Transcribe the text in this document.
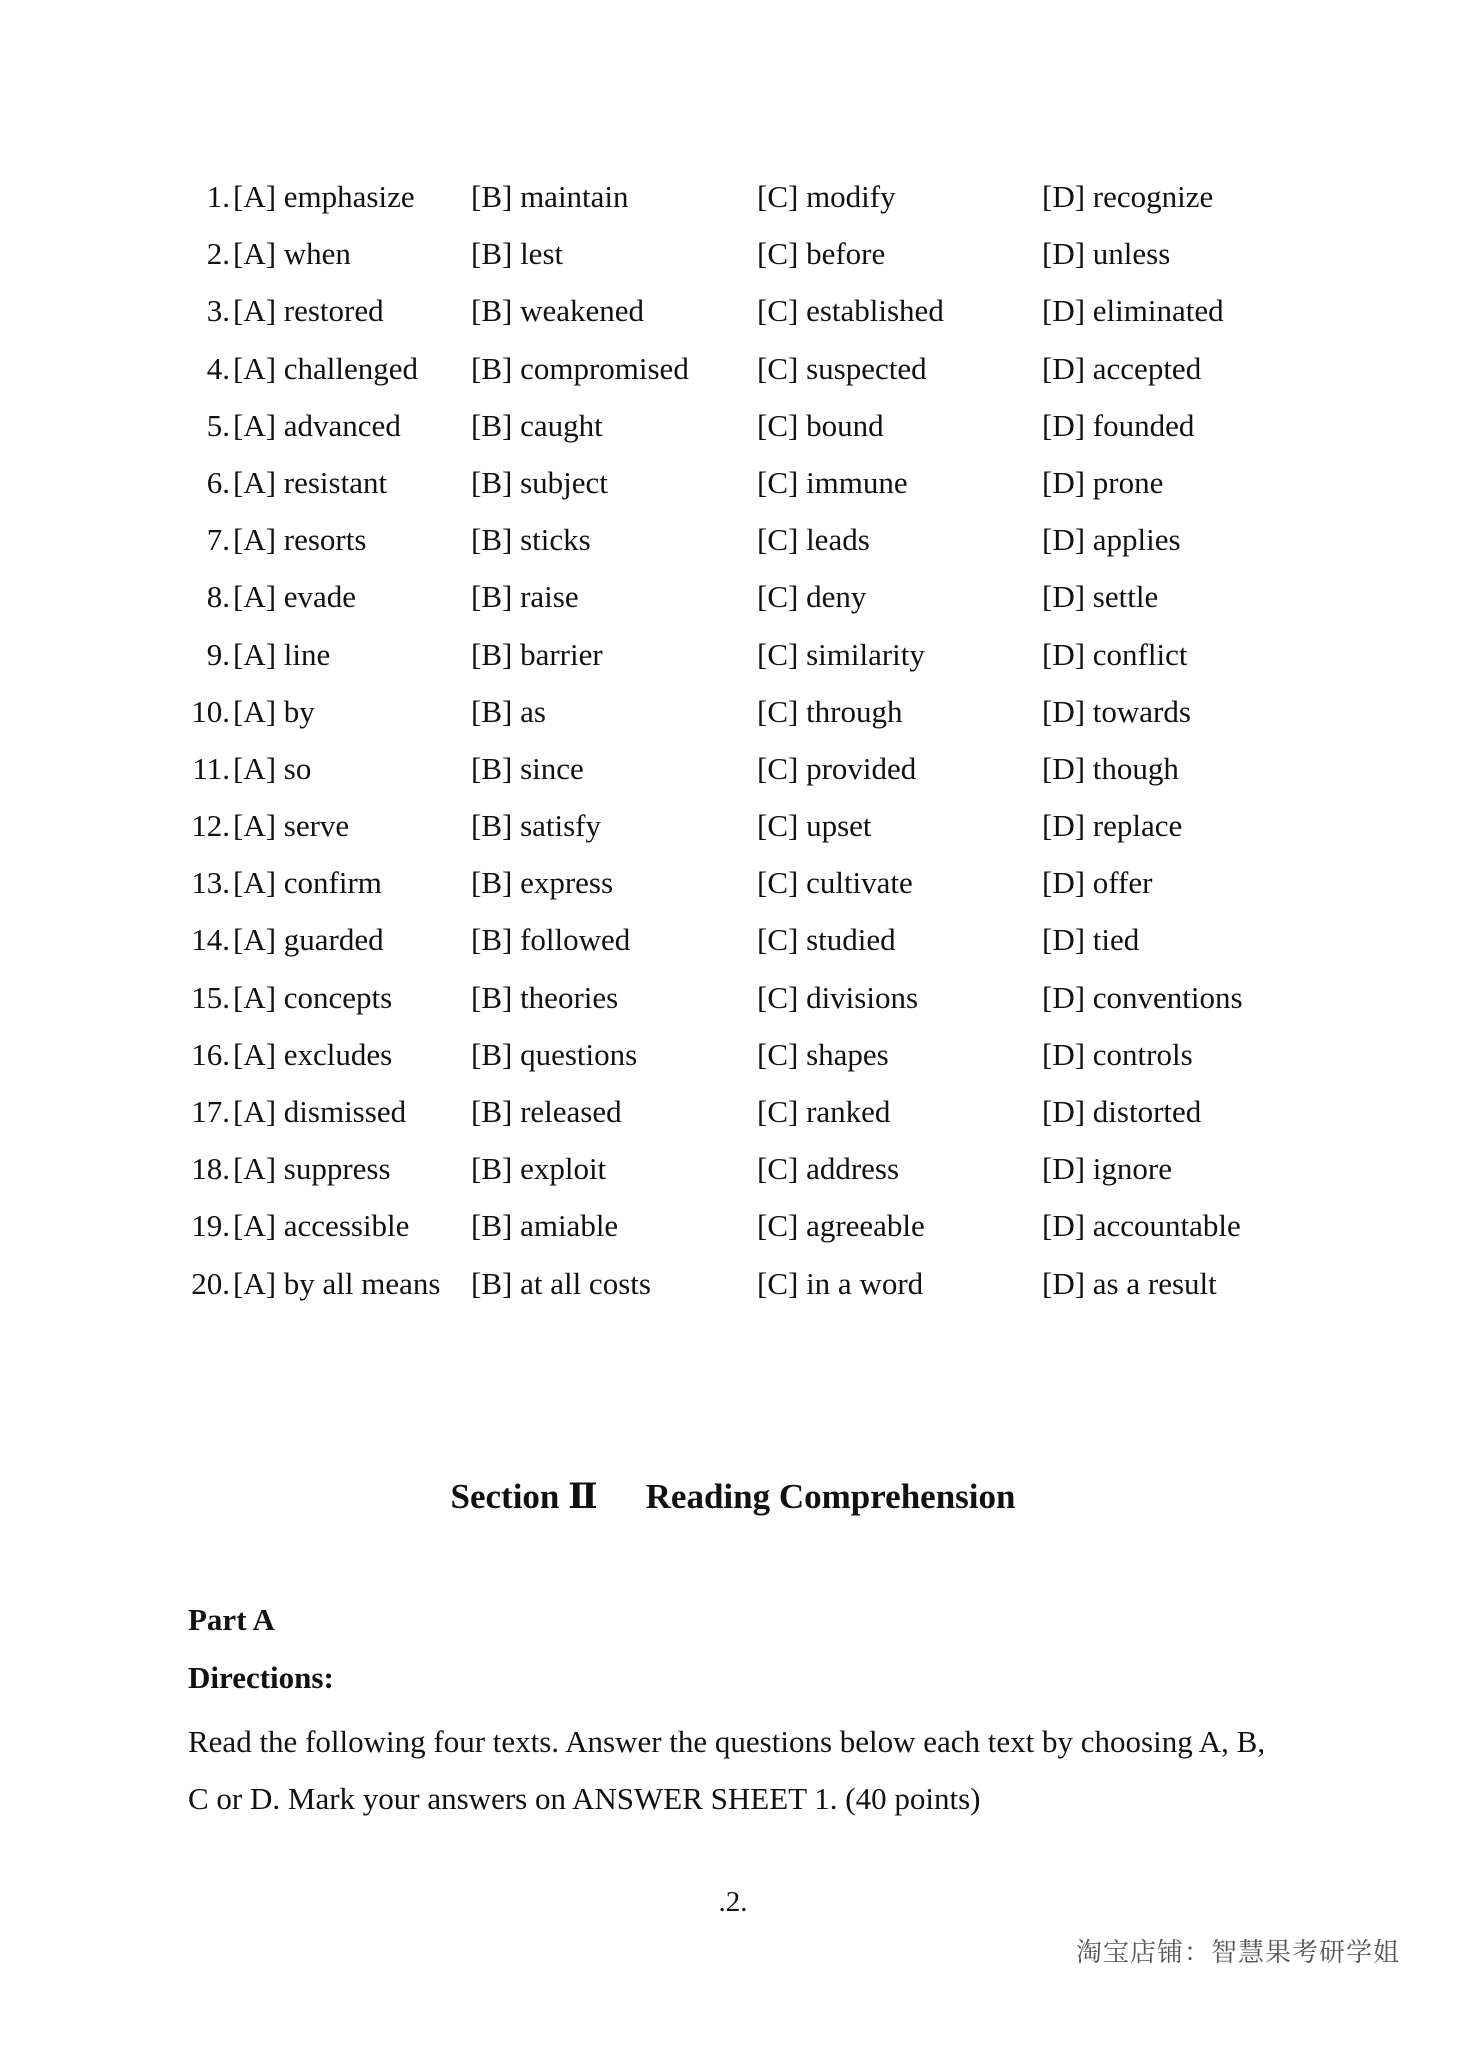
1. [A] emphasize [B] maintain	[C] modify	[D] recognize
2. [A] when	[B] lest	[C] before	[D] unless
3. [A] restored	[B] weakened	[C] established	[D] eliminated
4. [A] challenged [B] compromised [C] suspected	[D] accepted
5. [A] advanced [B] caught	[C] bound	[D] founded
6. [A] resistant	[B] subject	[C] immune	[D] prone
7. [A] resorts	[B] sticks	[C] leads	[D] applies
8. [A] evade	[B] raise	[C] deny	[D] settle
9. [A] line	[B] barrier	[C] similarity	[D] conflict
10. [A] by	[B] as	[C] through	[D] towards
11. [A] so	[B] since	[C] provided	[D] though
12. [A] serve	[B] satisfy	[C] upset	[D] replace
13. [A] confirm	[B] express	[C] cultivate	[D] offer
14. [A] guarded	[B] followed	[C] studied	[D] tied
15. [A] concepts	[B] theories	[C] divisions	[D] conventions
16. [A] excludes	[B] questions	[C] shapes	[D] controls
17. [A] dismissed [B] released	[C] ranked	[D] distorted
18. [A] suppress	[B] exploit	[C] address	[D] ignore
19. [A] accessible [B] amiable	[C] agreeable	[D] accountable
20. [A] by all means [B] at all costs	[C] in a word	[D] as a result
Section Ⅱ Reading Comprehension
Part A
Directions:
Read the following four texts. Answer the questions below each text by choosing A, B, C or D. Mark your answers on ANSWER SHEET 1. (40 points)
.2.
淘宝店铺：智慧果考研学姐
